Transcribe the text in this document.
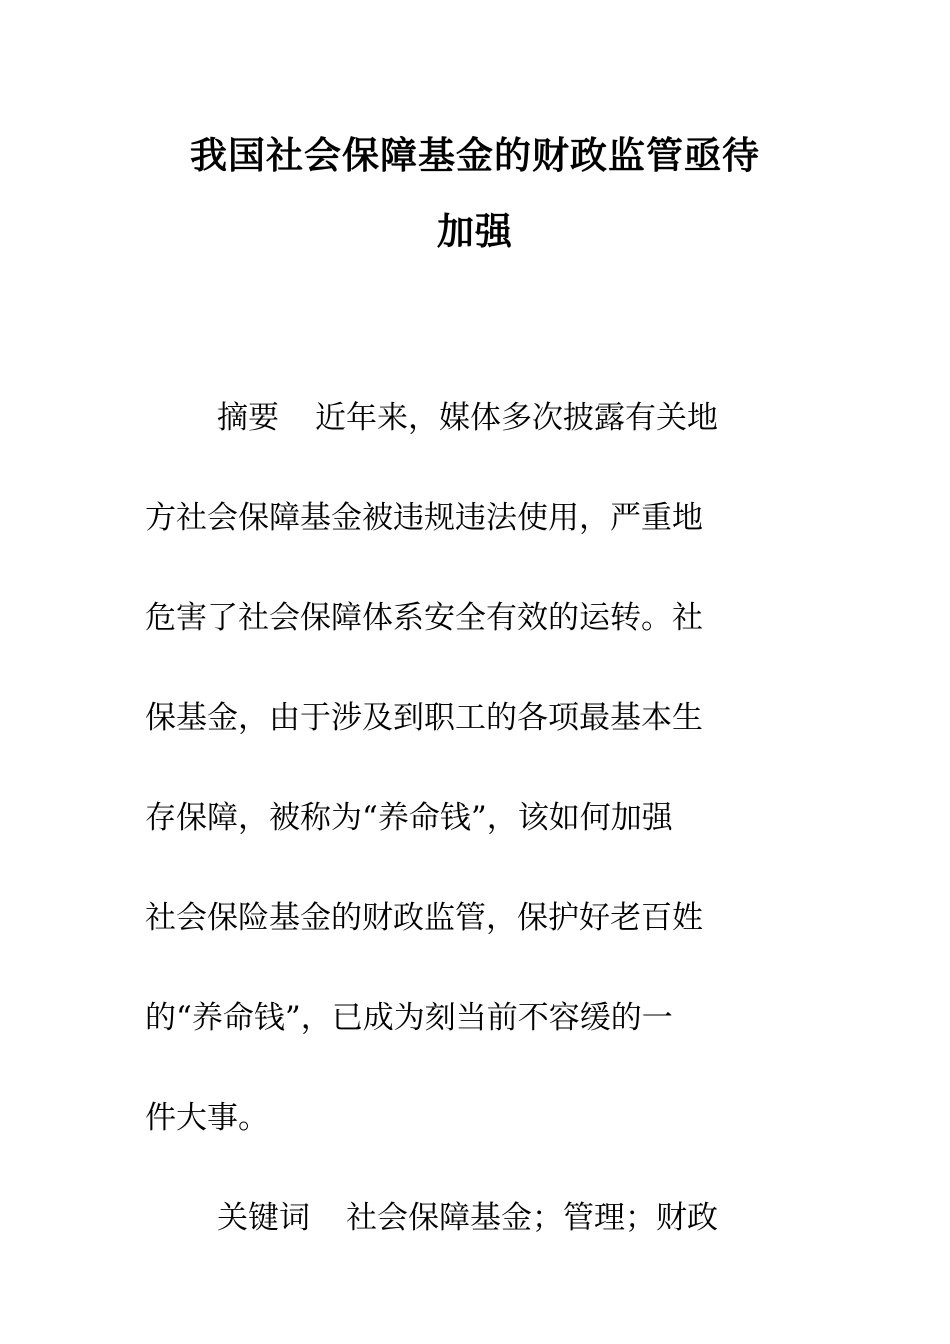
我国社会保障基金的财政监管亟待
加强
摘要 近年来，媒体多次披露有关地
方社会保障基金被违规违法使用，严重地
危害了社会保障体系安全有效的运转。社
保基金，由于涉及到职工的各项最基本生
存保障，被称为“养命钱”，该如何加强
社会保险基金的财政监管，保护好老百姓
的“养命钱”，已成为刻当前不容缓的一
件大事。
关键词 社会保障基金；管理；财政
